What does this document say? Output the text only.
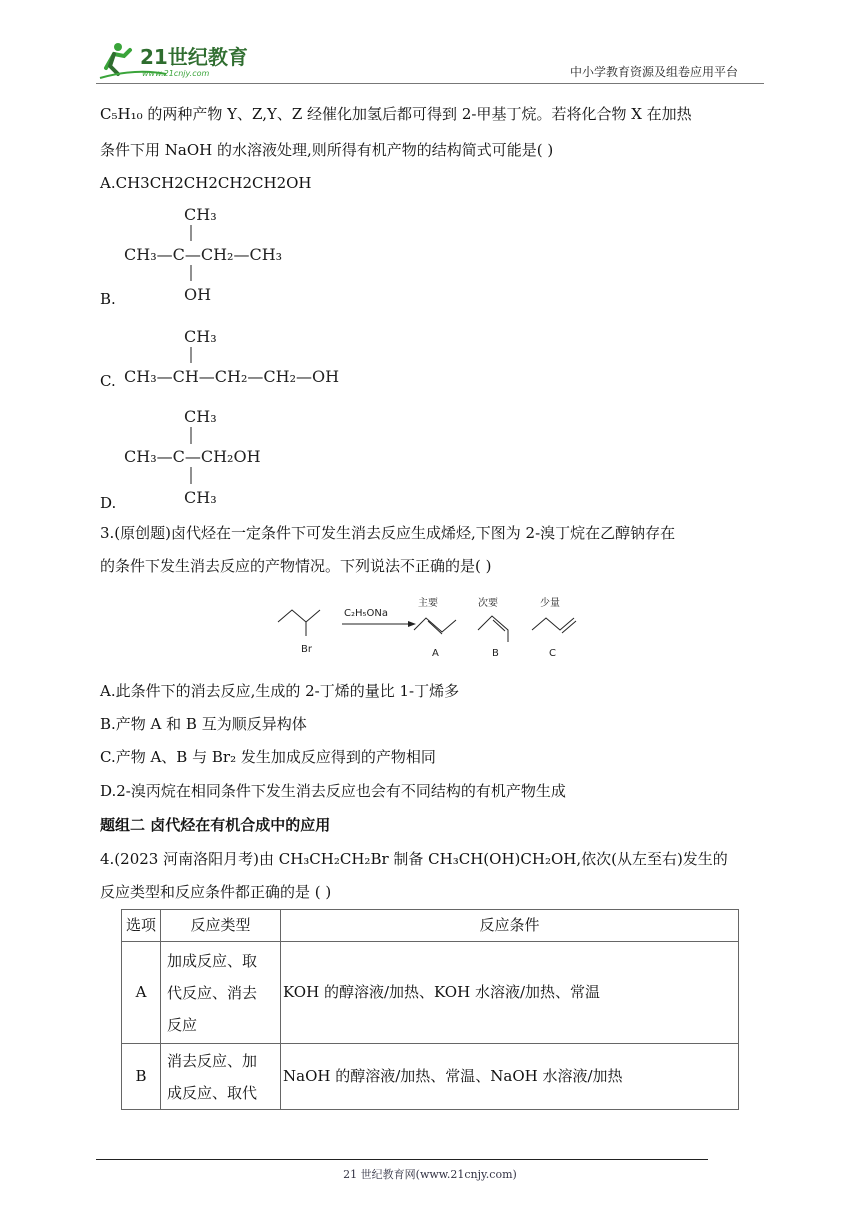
21世纪教育
www.21cnjy.com	中小学教育资源及组卷应用平台
C₅H₁₀ 的两种产物 Y、Z,Y、Z 经催化加氢后都可得到 2-甲基丁烷。若将化合物 X 在加热
条件下用 NaOH 的水溶液处理,则所得有机产物的结构简式可能是( )
A.CH3CH2CH2CH2CH2OH
CH₃
CH₃—C—CH₂—CH₃
OH
B.
CH₃
CH₃—CH—CH₂—CH₂—OH
C.
CH₃
CH₃—C—CH₂OH
CH₃
D.
3.(原创题)卤代烃在一定条件下可发生消去反应生成烯烃,下图为 2-溴丁烷在乙醇钠存在
的条件下发生消去反应的产物情况。下列说法不正确的是( )
Br
C₂H₅ONa
主要
A
次要
B
少量
C
A.此条件下的消去反应,生成的 2-丁烯的量比 1-丁烯多
B.产物 A 和 B 互为顺反异构体
C.产物 A、B 与 Br₂ 发生加成反应得到的产物相同
D.2-溴丙烷在相同条件下发生消去反应也会有不同结构的有机产物生成
题组二 卤代烃在有机合成中的应用
4.(2023 河南洛阳月考)由 CH₃CH₂CH₂Br 制备 CH₃CH(OH)CH₂OH,依次(从左至右)发生的
反应类型和反应条件都正确的是 ( )
选项	反应类型	反应条件
A	加成反应、取
代反应、消去
反应	KOH 的醇溶液/加热、KOH 水溶液/加热、常温
B	消去反应、加
成反应、取代	NaOH 的醇溶液/加热、常温、NaOH 水溶液/加热
21 世纪教育网(www.21cnjy.com)
